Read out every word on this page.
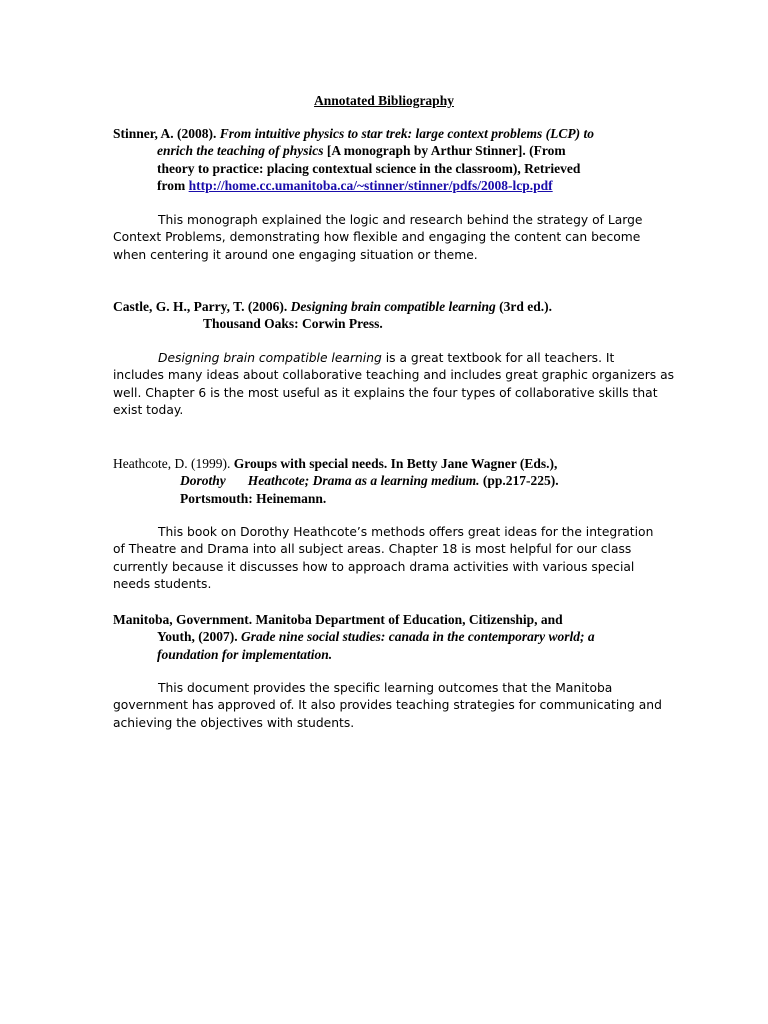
Annotated Bibliography
Stinner, A. (2008). From intuitive physics to star trek: large context problems (LCP) to
enrich the teaching of physics [A monograph by Arthur Stinner]. (From
theory to practice: placing contextual science in the classroom), Retrieved
from http://home.cc.umanitoba.ca/~stinner/stinner/pdfs/2008-lcp.pdf
This monograph explained the logic and research behind the strategy of Large
Context Problems, demonstrating how flexible and engaging the content can become
when centering it around one engaging situation or theme.
Castle, G. H., Parry, T. (2006). Designing brain compatible learning (3rd ed.).
Thousand Oaks: Corwin Press.
Designing brain compatible learning is a great textbook for all teachers. It
includes many ideas about collaborative teaching and includes great graphic organizers as
well. Chapter 6 is the most useful as it explains the four types of collaborative skills that
exist today.
Heathcote, D. (1999). Groups with special needs. In Betty Jane Wagner (Eds.),
Dorothy Heathcote; Drama as a learning medium. (pp.217-225).
Portsmouth: Heinemann.
This book on Dorothy Heathcote’s methods offers great ideas for the integration
of Theatre and Drama into all subject areas. Chapter 18 is most helpful for our class
currently because it discusses how to approach drama activities with various special
needs students.
Manitoba, Government. Manitoba Department of Education, Citizenship, and
Youth, (2007). Grade nine social studies: canada in the contemporary world; a
foundation for implementation.
This document provides the specific learning outcomes that the Manitoba
government has approved of. It also provides teaching strategies for communicating and
achieving the objectives with students.
